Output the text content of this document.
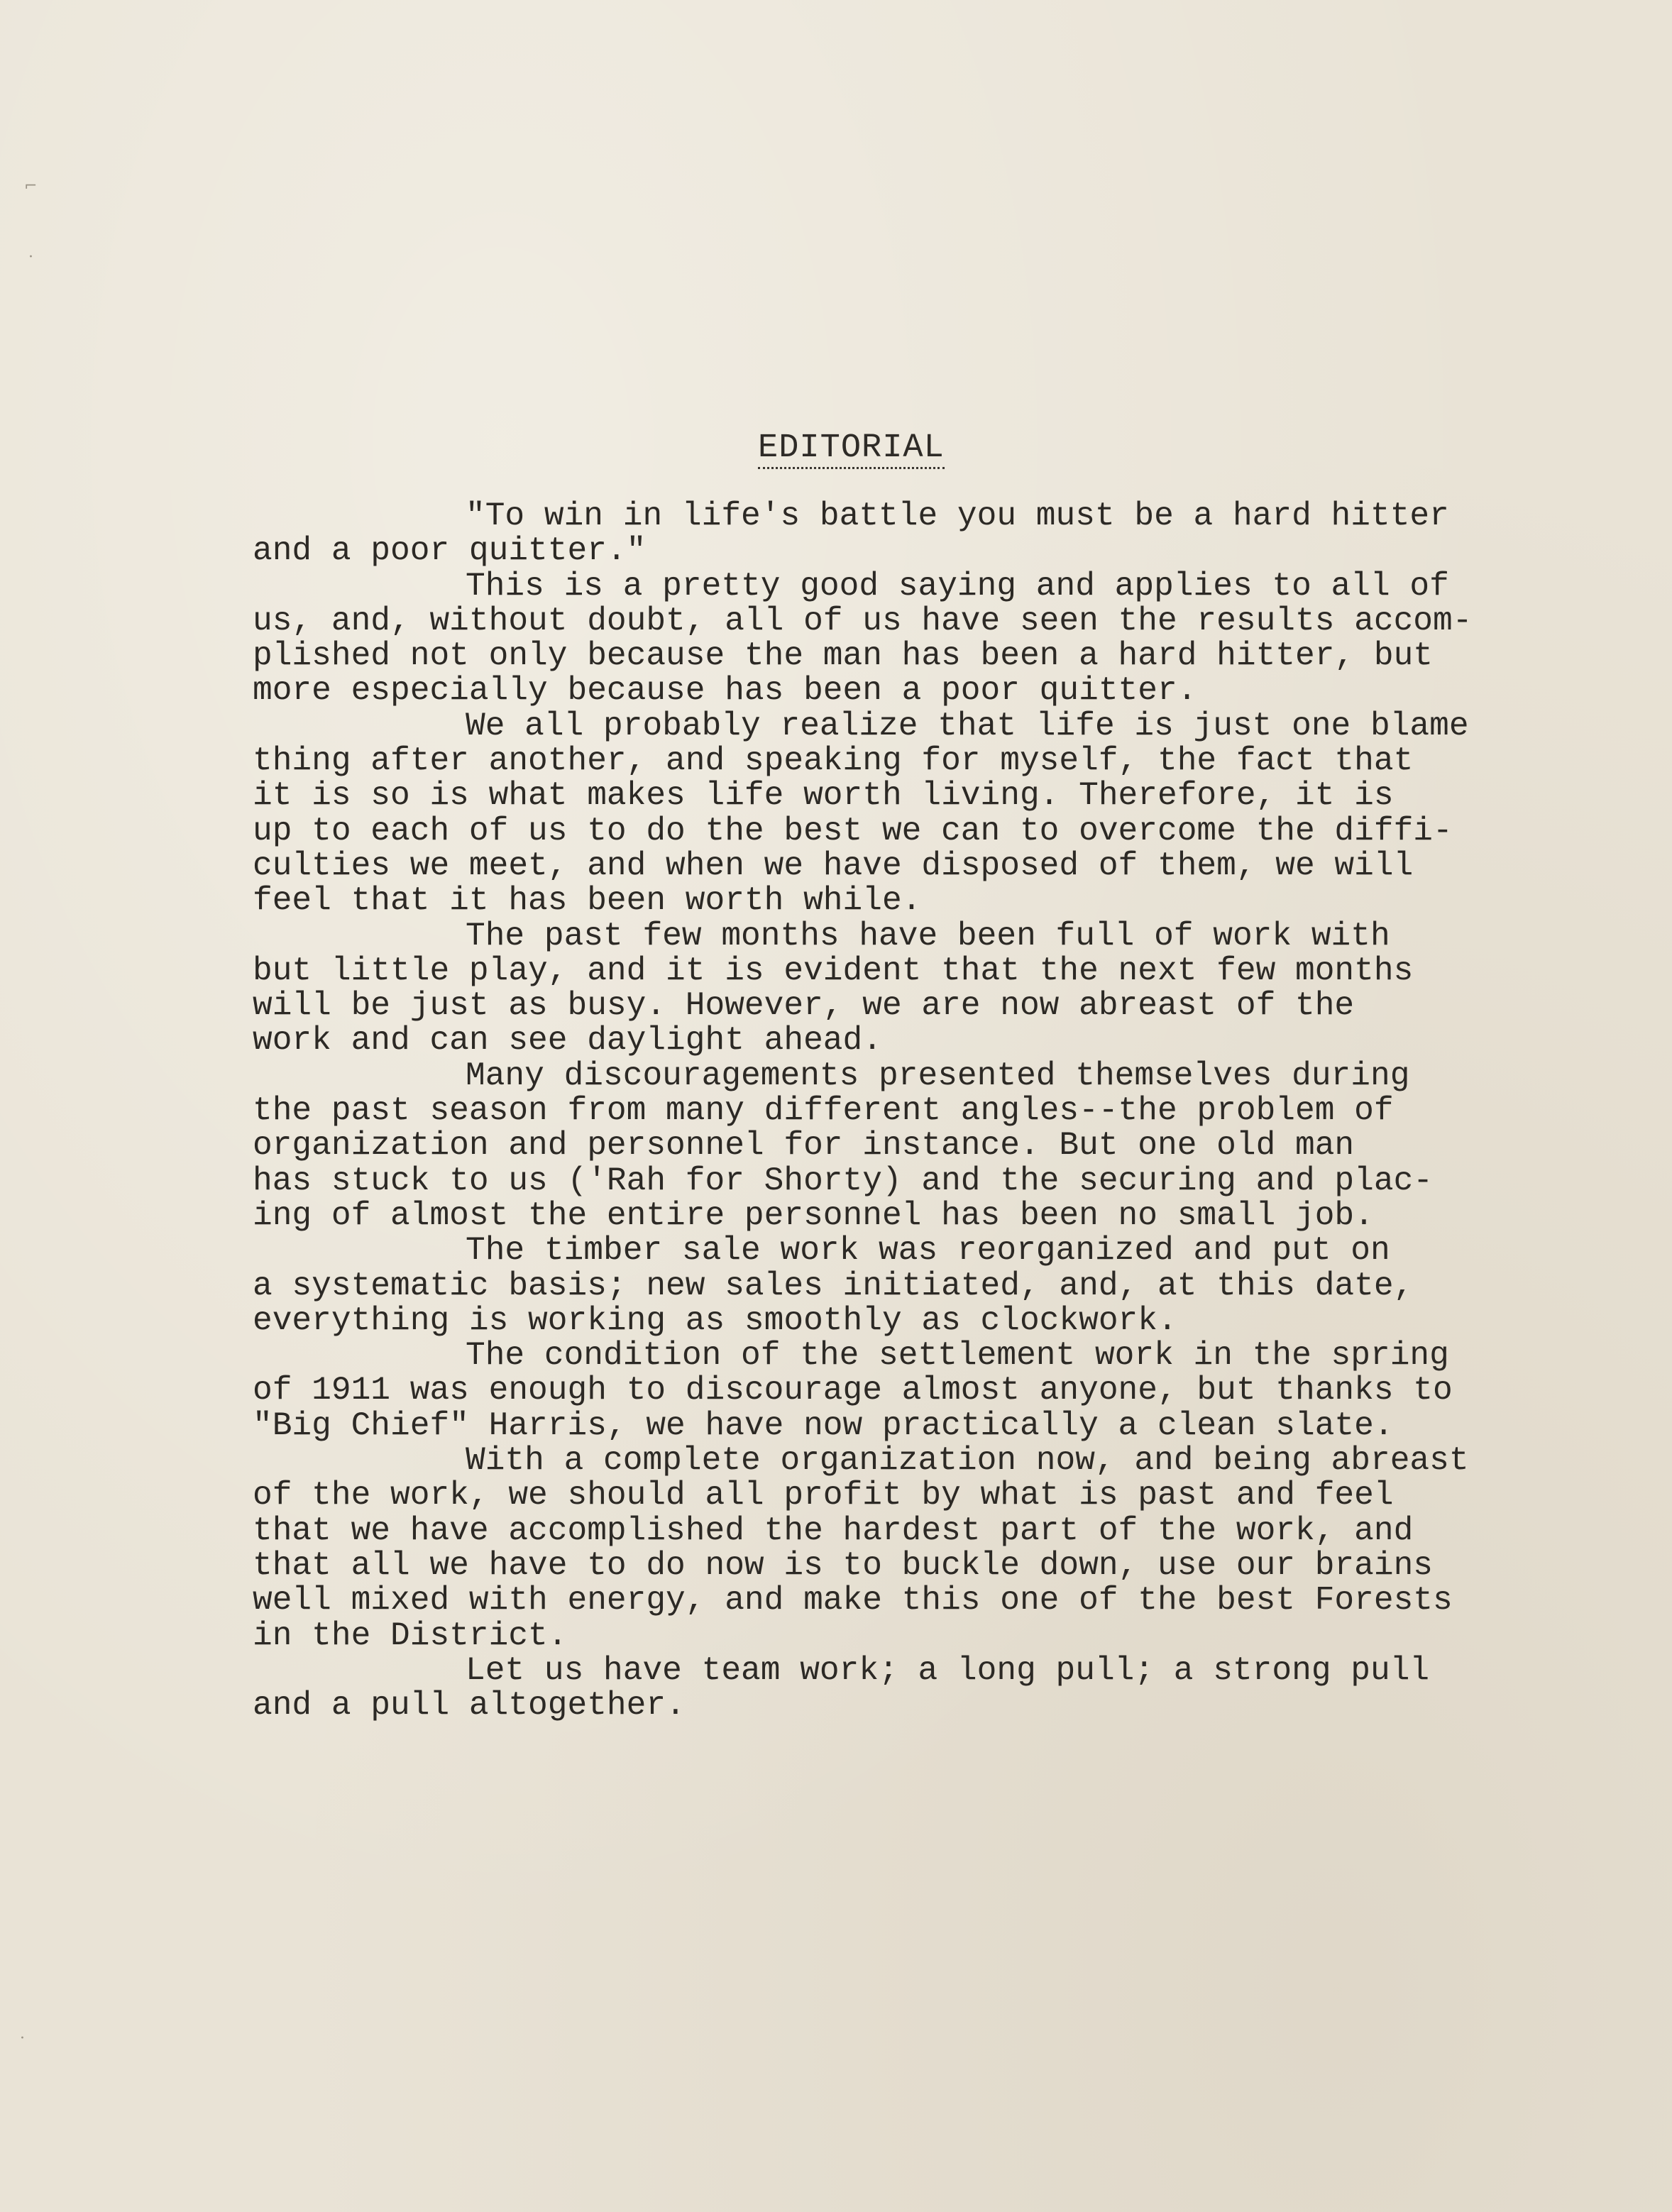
⌐
·
·
EDITORIAL
"To win in life's battle you must be a hard hitter
and a poor quitter."
This is a pretty good saying and applies to all of
us, and, without doubt, all of us have seen the results accom-
plished not only because the man has been a hard hitter, but
more especially because has been a poor quitter.
We all probably realize that life is just one blame
thing after another, and speaking for myself, the fact that
it is so is what makes life worth living. Therefore, it is
up to each of us to do the best we can to overcome the diffi-
culties we meet, and when we have disposed of them, we will
feel that it has been worth while.
The past few months have been full of work with
but little play, and it is evident that the next few months
will be just as busy. However, we are now abreast of the
work and can see daylight ahead.
Many discouragements presented themselves during
the past season from many different angles--the problem of
organization and personnel for instance. But one old man
has stuck to us ('Rah for Shorty) and the securing and plac-
ing of almost the entire personnel has been no small job.
The timber sale work was reorganized and put on
a systematic basis; new sales initiated, and, at this date,
everything is working as smoothly as clockwork.
The condition of the settlement work in the spring
of 1911 was enough to discourage almost anyone, but thanks to
"Big Chief" Harris, we have now practically a clean slate.
With a complete organization now, and being abreast
of the work, we should all profit by what is past and feel
that we have accomplished the hardest part of the work, and
that all we have to do now is to buckle down, use our brains
well mixed with energy, and make this one of the best Forests
in the District.
Let us have team work; a long pull; a strong pull
and a pull altogether.
